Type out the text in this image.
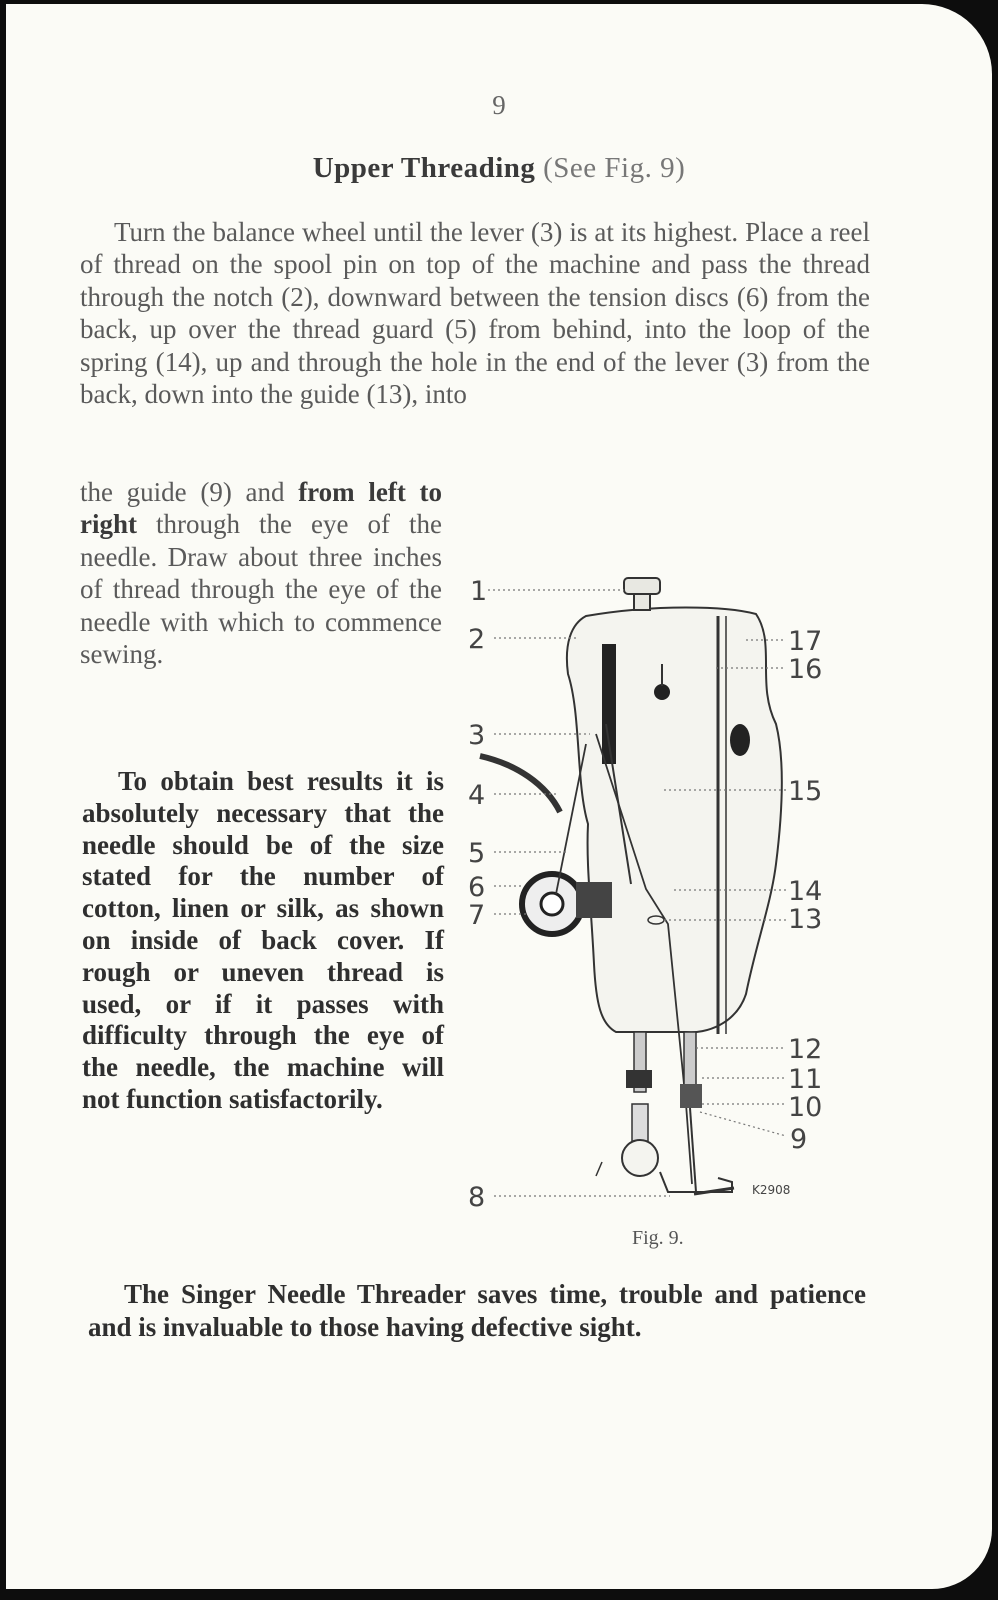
9
Upper Threading (See Fig. 9)

Turn the balance wheel until the lever (3) is at its highest. Place a reel of thread on the spool pin on top of the machine and pass the thread through the notch (2), downward between the tension discs (6) from the back, up over the thread guard (5) from behind, into the loop of the spring (14), up and through the hole in the end of the lever (3) from the back, down into the guide (13), into

the guide (9) and from left to right through the eye of the needle. Draw about three inches of thread through the eye of the needle with which to commence sewing.

To obtain best results it is absolutely necessary that the needle should be of the size stated for the number of cotton, linen or silk, as shown on inside of back cover. If rough or uneven thread is used, or if it passes with difficulty through the eye of the needle, the machine will not function satisfactorily.

1
2
3
4
5
6
7
8
17
16
15
14
13
12
11
10
9
K2908
Fig. 9.

The Singer Needle Threader saves time, trouble and patience and is invaluable to those having defective sight.
